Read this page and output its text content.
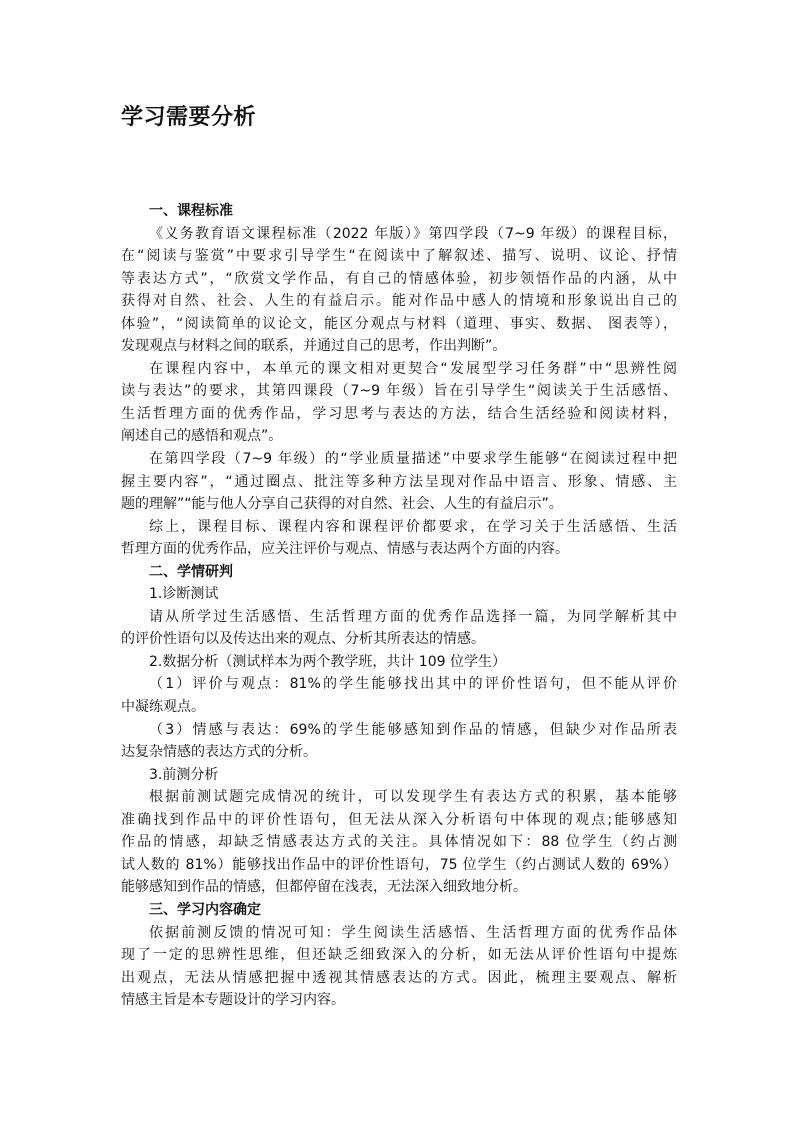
学习需要分析

一、课程标准

《义务教育语文课程标准（2022 年版）》第四学段（7~9 年级）的课程目标，

在“阅读与鉴赏”中要求引导学生“在阅读中了解叙述、描写、说明、议论、抒情

等表达方式”，“欣赏文学作品，有自己的情感体验，初步领悟作品的内涵，从中

获得对自然、社会、人生的有益启示。能对作品中感人的情境和形象说出自己的

体验”，“阅读简单的议论文，能区分观点与材料（道理、事实、数据、 图表等），

发现观点与材料之间的联系，并通过自己的思考，作出判断”。

在课程内容中，本单元的课文相对更契合“发展型学习任务群”中“思辨性阅

读与表达”的要求，其第四课段（7~9 年级）旨在引导学生“阅读关于生活感悟、

生活哲理方面的优秀作品，学习思考与表达的方法，结合生活经验和阅读材料，

阐述自己的感悟和观点”。

在第四学段（7~9 年级）的“学业质量描述”中要求学生能够“在阅读过程中把

握主要内容”，“通过圈点、批注等多种方法呈现对作品中语言、形象、情感、主

题的理解”“能与他人分享自己获得的对自然、社会、人生的有益启示”。

综上，课程目标、课程内容和课程评价都要求，在学习关于生活感悟、生活

哲理方面的优秀作品，应关注评价与观点、情感与表达两个方面的内容。

二、学情研判

1.诊断测试

请从所学过生活感悟、生活哲理方面的优秀作品选择一篇，为同学解析其中

的评价性语句以及传达出来的观点、分析其所表达的情感。

2.数据分析（测试样本为两个教学班，共计 109 位学生）

（1）评价与观点：81%的学生能够找出其中的评价性语句，但不能从评价

中凝练观点。

（3）情感与表达：69%的学生能够感知到作品的情感，但缺少对作品所表

达复杂情感的表达方式的分析。

3.前测分析

根据前测试题完成情况的统计，可以发现学生有表达方式的积累，基本能够

准确找到作品中的评价性语句，但无法从深入分析语句中体现的观点;能够感知

作品的情感，却缺乏情感表达方式的关注。具体情况如下：88 位学生（约占测

试人数的 81%）能够找出作品中的评价性语句，75 位学生（约占测试人数的 69%）

能够感知到作品的情感，但都停留在浅表，无法深入细致地分析。

三、学习内容确定

依据前测反馈的情况可知：学生阅读生活感悟、生活哲理方面的优秀作品体

现了一定的思辨性思维，但还缺乏细致深入的分析，如无法从评价性语句中提炼

出观点，无法从情感把握中透视其情感表达的方式。因此，梳理主要观点、解析

情感主旨是本专题设计的学习内容。
